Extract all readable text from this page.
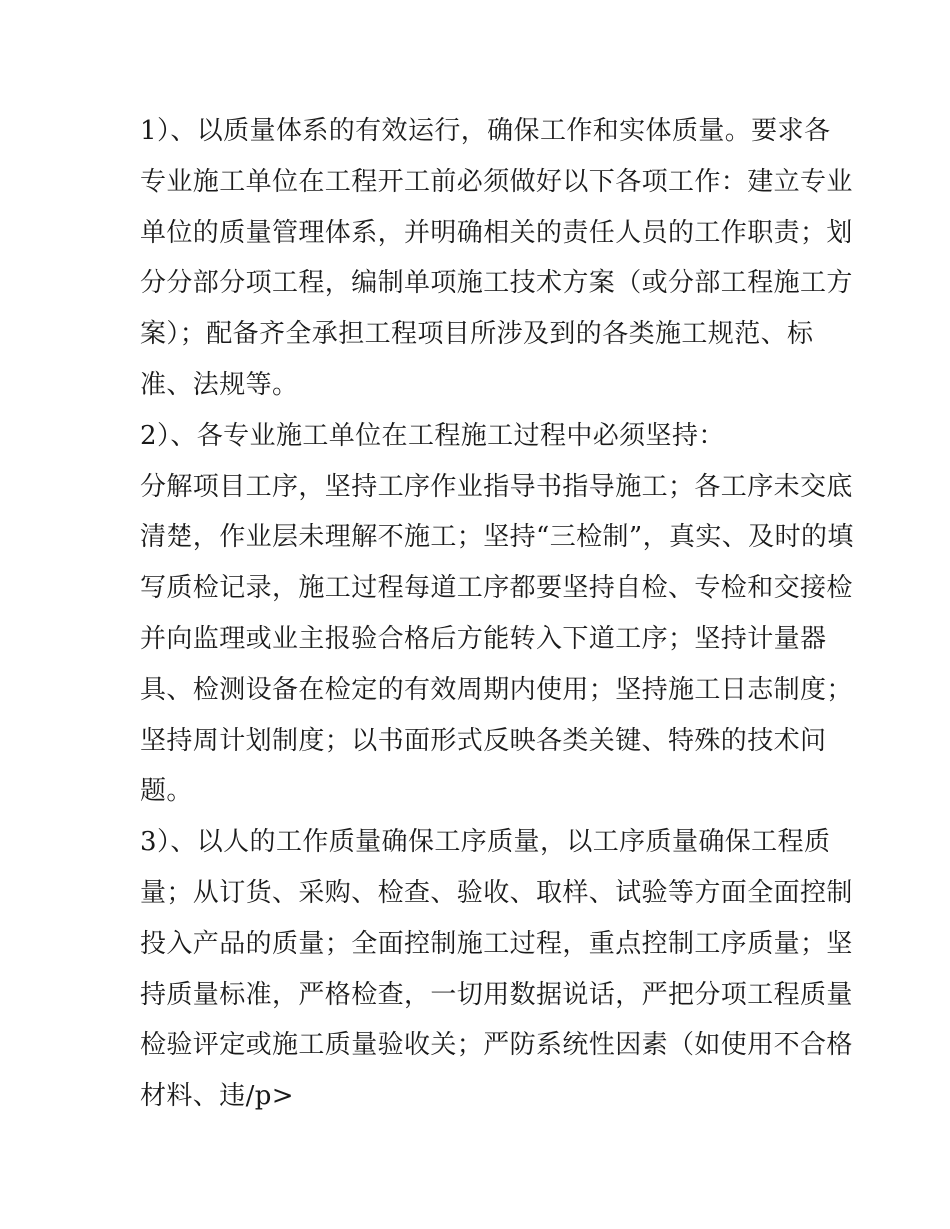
1）、以质量体系的有效运行，确保工作和实体质量。要求各
专业施工单位在工程开工前必须做好以下各项工作：建立专业
单位的质量管理体系，并明确相关的责任人员的工作职责；划
分分部分项工程，编制单项施工技术方案（或分部工程施工方
案）；配备齐全承担工程项目所涉及到的各类施工规范、标
准、法规等。
2）、各专业施工单位在工程施工过程中必须坚持：
分解项目工序，坚持工序作业指导书指导施工；各工序未交底
清楚，作业层未理解不施工；坚持“三检制”，真实、及时的填
写质检记录，施工过程每道工序都要坚持自检、专检和交接检
并向监理或业主报验合格后方能转入下道工序；坚持计量器
具、检测设备在检定的有效周期内使用；坚持施工日志制度；
坚持周计划制度；以书面形式反映各类关键、特殊的技术问
题。
3）、以人的工作质量确保工序质量，以工序质量确保工程质
量；从订货、采购、检查、验收、取样、试验等方面全面控制
投入产品的质量；全面控制施工过程，重点控制工序质量；坚
持质量标准，严格检查，一切用数据说话，严把分项工程质量
检验评定或施工质量验收关；严防系统性因素（如使用不合格
材料、违/p>
